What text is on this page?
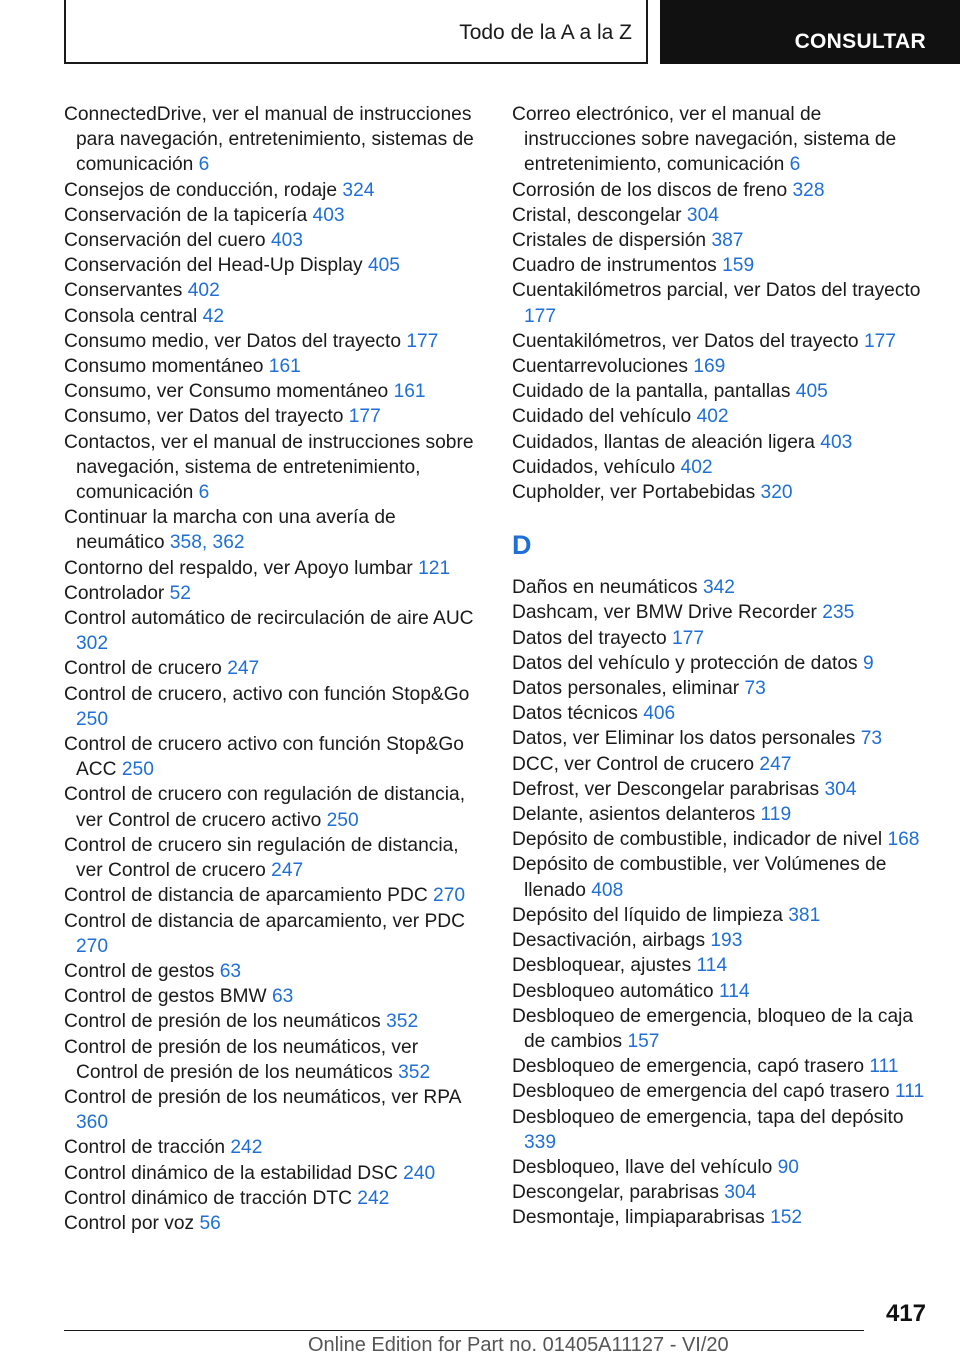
Todo de la A a la Z	CONSULTAR
ConnectedDrive, ver el manual de instrucciones para navegación, entretenimiento, sistemas de comunicación 6
Consejos de conducción, rodaje 324
Conservación de la tapicería 403
Conservación del cuero 403
Conservación del Head-Up Display 405
Conservantes 402
Consola central 42
Consumo medio, ver Datos del trayecto 177
Consumo momentáneo 161
Consumo, ver Consumo momentáneo 161
Consumo, ver Datos del trayecto 177
Contactos, ver el manual de instrucciones sobre navegación, sistema de entretenimiento, comunicación 6
Continuar la marcha con una avería de neumático 358, 362
Contorno del respaldo, ver Apoyo lumbar 121
Controlador 52
Control automático de recirculación de aire AUC 302
Control de crucero 247
Control de crucero, activo con función Stop&Go 250
Control de crucero activo con función Stop&Go ACC 250
Control de crucero con regulación de distancia, ver Control de crucero activo 250
Control de crucero sin regulación de distancia, ver Control de crucero 247
Control de distancia de aparcamiento PDC 270
Control de distancia de aparcamiento, ver PDC 270
Control de gestos 63
Control de gestos BMW 63
Control de presión de los neumáticos 352
Control de presión de los neumáticos, ver Control de presión de los neumáticos 352
Control de presión de los neumáticos, ver RPA 360
Control de tracción 242
Control dinámico de la estabilidad DSC 240
Control dinámico de tracción DTC 242
Control por voz 56
Correo electrónico, ver el manual de instrucciones sobre navegación, sistema de entretenimiento, comunicación 6
Corrosión de los discos de freno 328
Cristal, descongelar 304
Cristales de dispersión 387
Cuadro de instrumentos 159
Cuentakilómetros parcial, ver Datos del trayecto 177
Cuentakilómetros, ver Datos del trayecto 177
Cuentarrevoluciones 169
Cuidado de la pantalla, pantallas 405
Cuidado del vehículo 402
Cuidados, llantas de aleación ligera 403
Cuidados, vehículo 402
Cupholder, ver Portabebidas 320
D
Daños en neumáticos 342
Dashcam, ver BMW Drive Recorder 235
Datos del trayecto 177
Datos del vehículo y protección de datos 9
Datos personales, eliminar 73
Datos técnicos 406
Datos, ver Eliminar los datos personales 73
DCC, ver Control de crucero 247
Defrost, ver Descongelar parabrisas 304
Delante, asientos delanteros 119
Depósito de combustible, indicador de nivel 168
Depósito de combustible, ver Volúmenes de llenado 408
Depósito del líquido de limpieza 381
Desactivación, airbags 193
Desbloquear, ajustes 114
Desbloqueo automático 114
Desbloqueo de emergencia, bloqueo de la caja de cambios 157
Desbloqueo de emergencia, capó trasero 111
Desbloqueo de emergencia del capó trasero 111
Desbloqueo de emergencia, tapa del depósito 339
Desbloqueo, llave del vehículo 90
Descongelar, parabrisas 304
Desmontaje, limpiaparabrisas 152
417
Online Edition for Part no. 01405A11127 - VI/20
